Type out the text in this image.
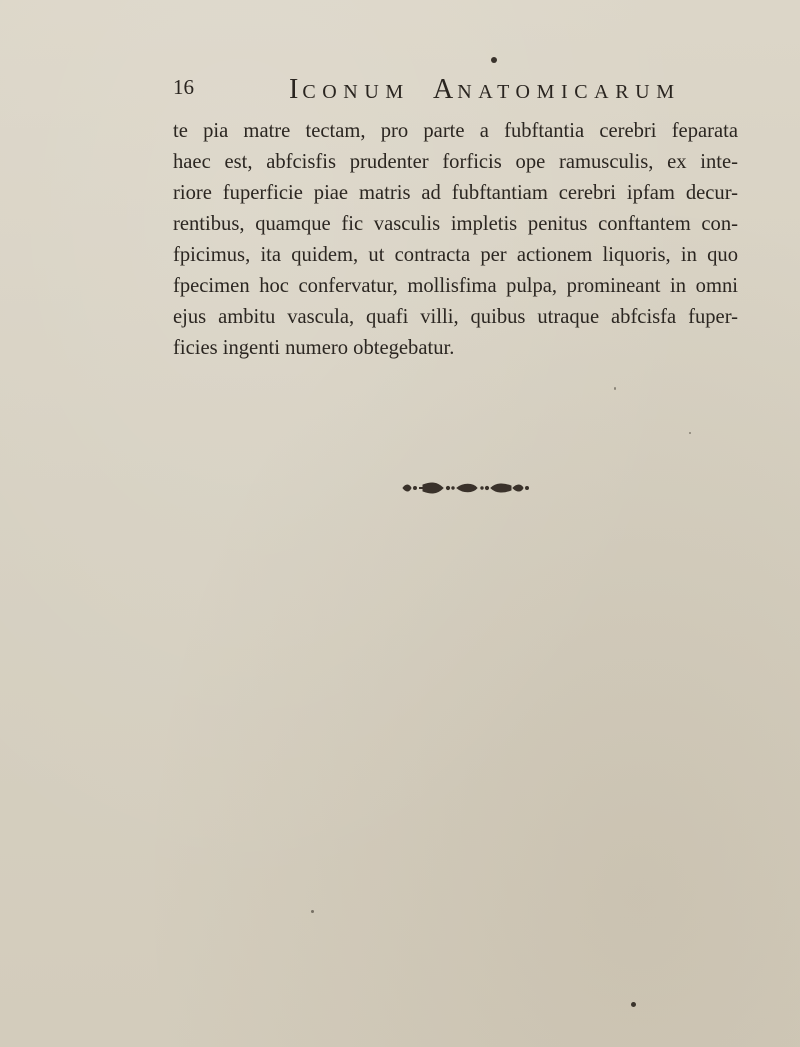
16	ICONUM ANATOMICARUM
te pia matre tectam, pro parte a fubftantia cerebri feparata
haec est, abfcisfis prudenter forficis ope ramusculis, ex inte-
riore fuperficie piae matris ad fubftantiam cerebri ipfam decur-
rentibus, quamque fic vasculis impletis penitus conftantem con-
fpicimus, ita quidem, ut contracta per actionem liquoris, in quo
fpecimen hoc confervatur, mollisfima pulpa, promineant in omni
ejus ambitu vascula, quafi villi, quibus utraque abfcisfa fuper-
ficies ingenti numero obtegebatur.
